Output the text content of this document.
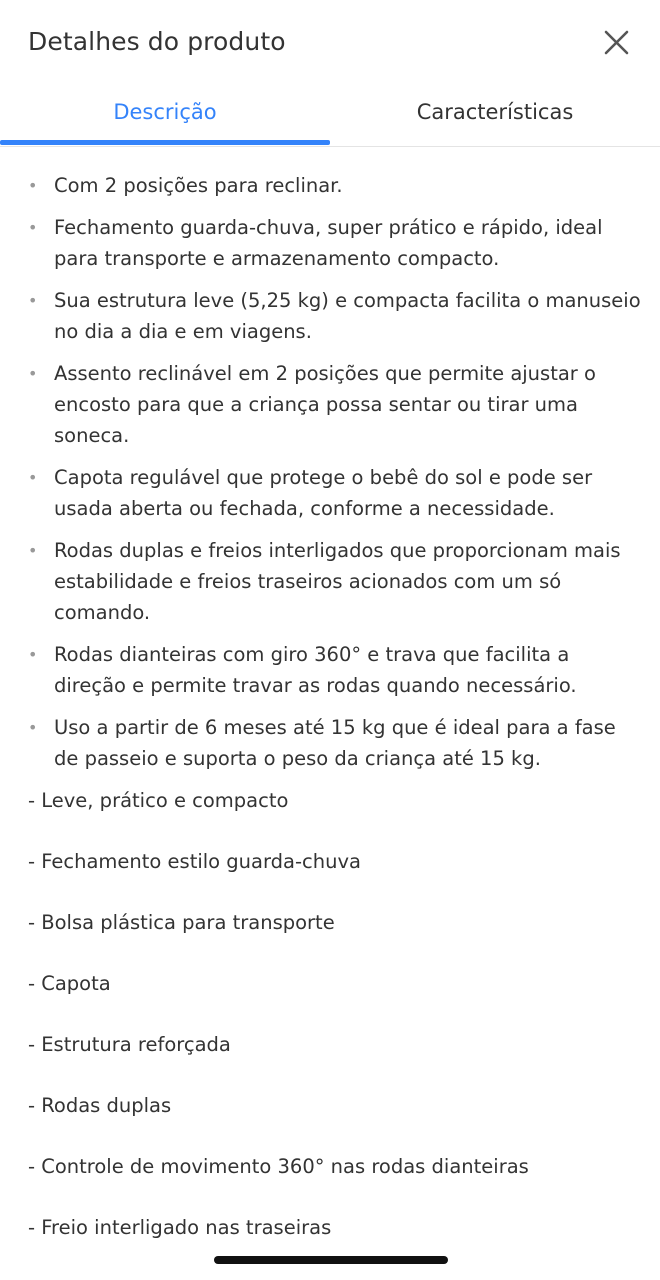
Detalhes do produto
Descrição	Características
• Com 2 posições para reclinar.
• Fechamento guarda-chuva, super prático e rápido, ideal para transporte e armazenamento compacto.
• Sua estrutura leve (5,25 kg) e compacta facilita o manuseio no dia a dia e em viagens.
• Assento reclinável em 2 posições que permite ajustar o encosto para que a criança possa sentar ou tirar uma soneca.
• Capota regulável que protege o bebê do sol e pode ser usada aberta ou fechada, conforme a necessidade.
• Rodas duplas e freios interligados que proporcionam mais estabilidade e freios traseiros acionados com um só comando.
• Rodas dianteiras com giro 360° e trava que facilita a direção e permite travar as rodas quando necessário.
• Uso a partir de 6 meses até 15 kg que é ideal para a fase de passeio e suporta o peso da criança até 15 kg.
- Leve, prático e compacto
- Fechamento estilo guarda-chuva
- Bolsa plástica para transporte
- Capota
- Estrutura reforçada
- Rodas duplas
- Controle de movimento 360° nas rodas dianteiras
- Freio interligado nas traseiras
